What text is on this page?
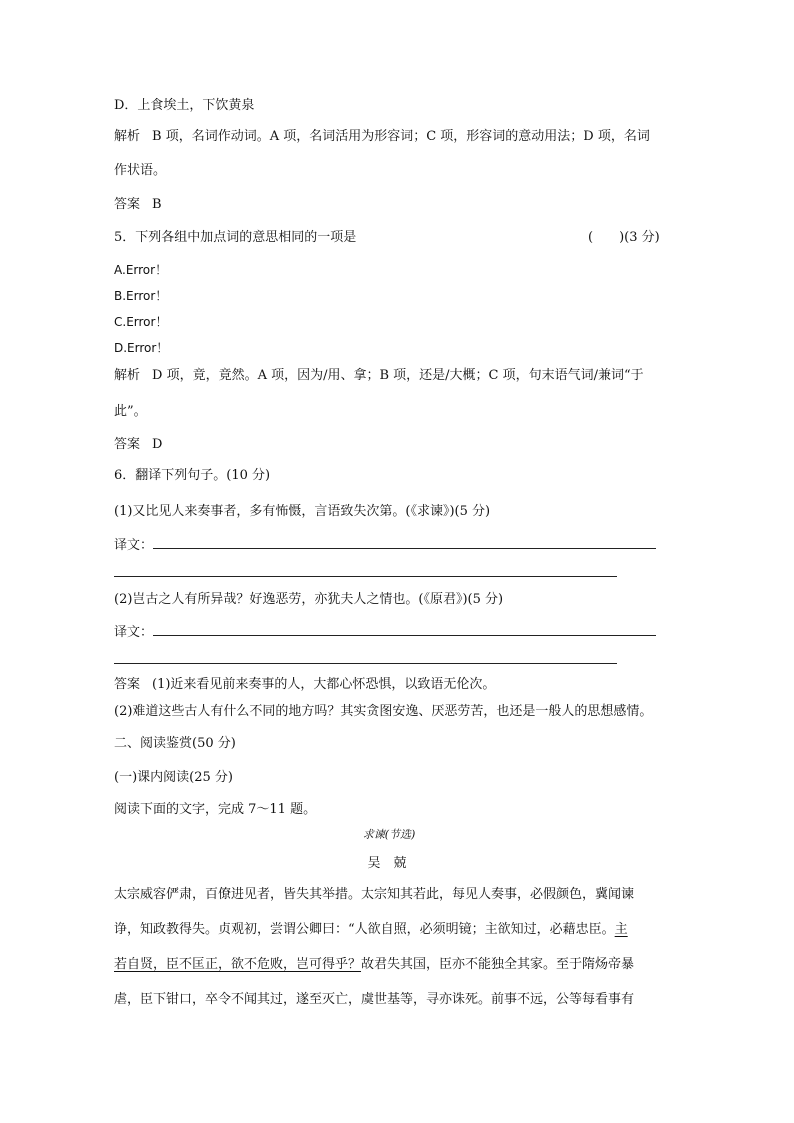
D．上食埃土，下饮黄泉
解析 B 项，名词作动词。A 项，名词活用为形容词；C 项，形容词的意动用法；D 项，名词
作状语。
答案 B
5．下列各组中加点词的意思相同的一项是	(　　)(3 分)
A.Error！
B.Error！
C.Error！
D.Error！
解析 D 项，竟，竟然。A 项，因为/用、拿；B 项，还是/大概；C 项，句末语气词/兼词“于
此”。
答案 D
6．翻译下列句子。(10 分)
(1)又比见人来奏事者，多有怖慑，言语致失次第。(《求谏》)(5 分)
译文：
(2)岂古之人有所异哉？好逸恶劳，亦犹夫人之情也。(《原君》)(5 分)
译文：
答案 (1)近来看见前来奏事的人，大都心怀恐惧，以致语无伦次。
(2)难道这些古人有什么不同的地方吗？其实贪图安逸、厌恶劳苦，也还是一般人的思想感情。
二、阅读鉴赏(50 分)
(一)课内阅读(25 分)
阅读下面的文字，完成 7～11 题。
求谏(节选)
吴　兢
太宗威容俨肃，百僚进见者，皆失其举措。太宗知其若此，每见人奏事，必假颜色，冀闻谏
诤，知政教得失。贞观初，尝谓公卿曰：“人欲自照，必须明镜；主欲知过，必藉忠臣。主
若自贤，臣不匡正，欲不危败，岂可得乎？故君失其国，臣亦不能独全其家。至于隋炀帝暴
虐，臣下钳口，卒令不闻其过，遂至灭亡，虞世基等，寻亦诛死。前事不远，公等每看事有
